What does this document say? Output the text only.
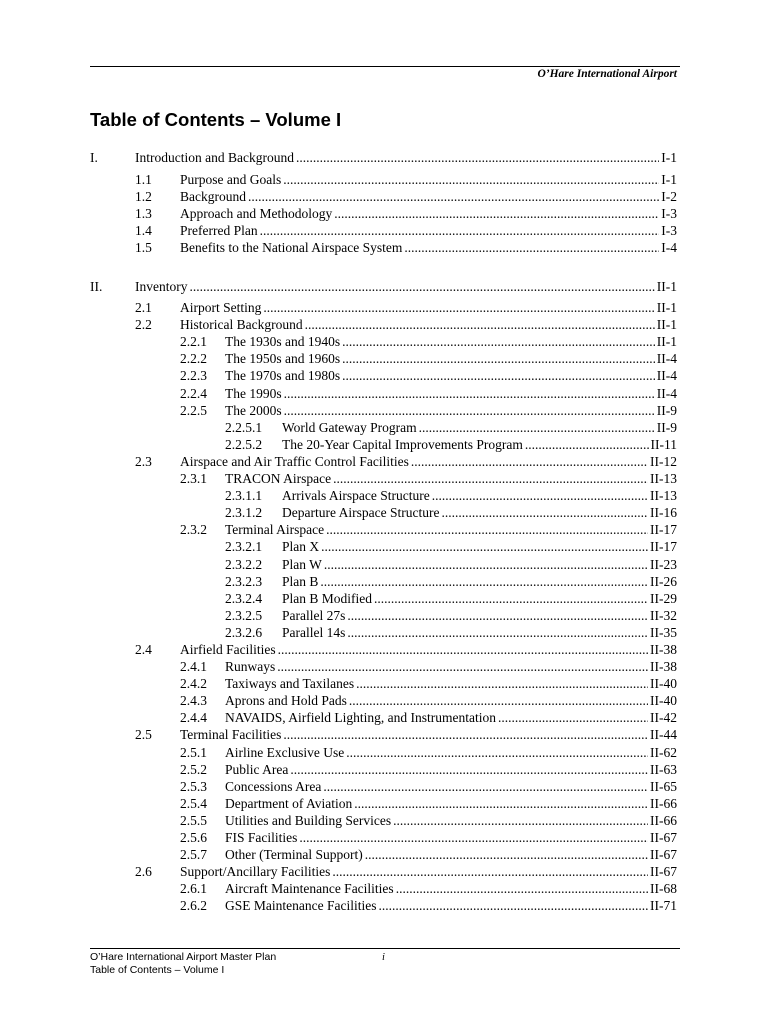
O’Hare International Airport
Table of Contents – Volume I
I.	Introduction and Background .....	I-1
1.1 Purpose and Goals .....	I-1
1.2 Background .....	I-2
1.3 Approach and Methodology .....	I-3
1.4 Preferred Plan .....	I-3
1.5 Benefits to the National Airspace System .....	I-4
II. Inventory .....	II-1
2.1 Airport Setting .....	II-1
2.2 Historical Background .....	II-1
2.2.1 The 1930s and 1940s .....	II-1
2.2.2 The 1950s and 1960s .....	II-4
2.2.3 The 1970s and 1980s .....	II-4
2.2.4 The 1990s .....	II-4
2.2.5 The 2000s .....	II-9
2.2.5.1 World Gateway Program .....	II-9
2.2.5.2 The 20-Year Capital Improvements Program .....	II-11
2.3 Airspace and Air Traffic Control Facilities .....	II-12
2.3.1 TRACON Airspace .....	II-13
2.3.1.1 Arrivals Airspace Structure .....	II-13
2.3.1.2 Departure Airspace Structure .....	II-16
2.3.2 Terminal Airspace .....	II-17
2.3.2.1 Plan X .....	II-17
2.3.2.2 Plan W .....	II-23
2.3.2.3 Plan B .....	II-26
2.3.2.4 Plan B Modified .....	II-29
2.3.2.5 Parallel 27s .....	II-32
2.3.2.6 Parallel 14s .....	II-35
2.4 Airfield Facilities .....	II-38
2.4.1 Runways .....	II-38
2.4.2 Taxiways and Taxilanes .....	II-40
2.4.3 Aprons and Hold Pads .....	II-40
2.4.4 NAVAIDS, Airfield Lighting, and Instrumentation .....	II-42
2.5 Terminal Facilities .....	II-44
2.5.1 Airline Exclusive Use .....	II-62
2.5.2 Public Area .....	II-63
2.5.3 Concessions Area .....	II-65
2.5.4 Department of Aviation .....	II-66
2.5.5 Utilities and Building Services .....	II-66
2.5.6 FIS Facilities .....	II-67
2.5.7 Other (Terminal Support) .....	II-67
2.6 Support/Ancillary Facilities .....	II-67
2.6.1 Aircraft Maintenance Facilities .....	II-68
2.6.2 GSE Maintenance Facilities .....	II-71
O’Hare International Airport Master Plan
Table of Contents – Volume I
i
